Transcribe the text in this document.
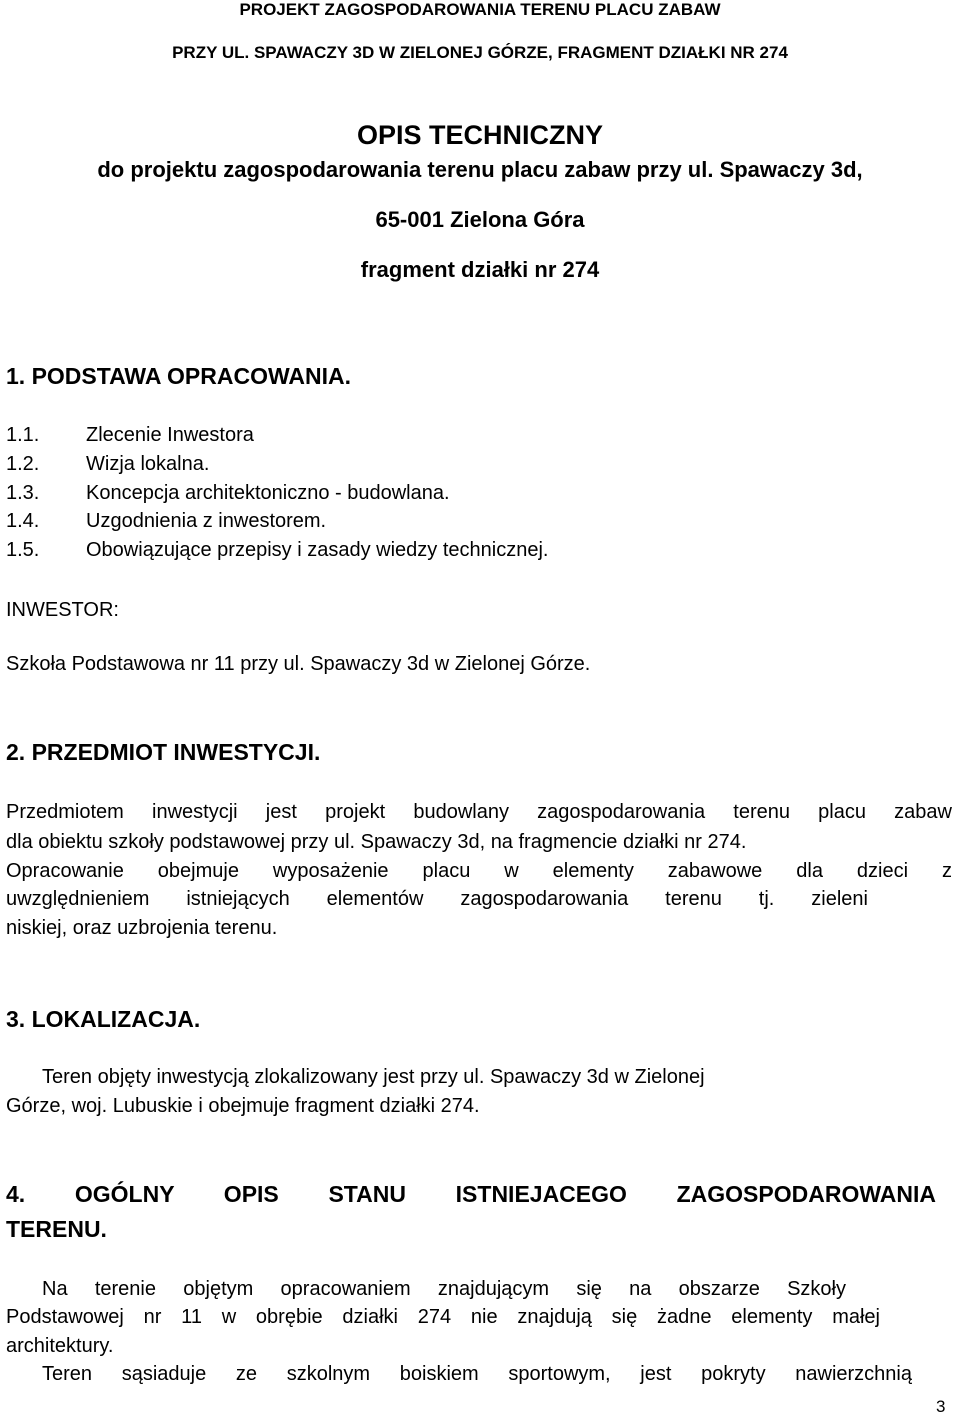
PROJEKT ZAGOSPODAROWANIA TERENU PLACU ZABAW

PRZY UL. SPAWACZY 3D W ZIELONEJ GÓRZE, FRAGMENT DZIAŁKI NR 274

OPIS TECHNICZNY

do projektu zagospodarowania terenu placu zabaw przy ul. Spawaczy 3d,

65-001 Zielona Góra

fragment działki nr 274

1. PODSTAWA OPRACOWANIA.

1.1. Zlecenie Inwestora

1.2. Wizja lokalna.

1.3. Koncepcja architektoniczno - budowlana.

1.4. Uzgodnienia z inwestorem.

1.5. Obowiązujące przepisy i zasady wiedzy technicznej.

INWESTOR:

Szkoła Podstawowa nr 11 przy ul. Spawaczy 3d w Zielonej Górze.

2. PRZEDMIOT INWESTYCJI.

Przedmiotem inwestycji jest projekt budowlany zagospodarowania terenu placu zabaw

dla obiektu szkoły podstawowej przy ul. Spawaczy 3d, na fragmencie działki nr 274.

Opracowanie obejmuje wyposażenie placu w elementy zabawowe dla dzieci z

uwzględnieniem istniejących elementów zagospodarowania terenu tj. zieleni

niskiej, oraz uzbrojenia terenu.

3. LOKALIZACJA.

Teren objęty inwestycją zlokalizowany jest przy ul. Spawaczy 3d w Zielonej

Górze, woj. Lubuskie i obejmuje fragment działki 274.

4. OGÓLNY OPIS STANU ISTNIEJACEGO ZAGOSPODAROWANIA

TERENU.

Na terenie objętym opracowaniem znajdującym się na obszarze Szkoły

Podstawowej nr 11 w obrębie działki 274 nie znajdują się żadne elementy małej

architektury.

Teren sąsiaduje ze szkolnym boiskiem sportowym, jest pokryty nawierzchnią

3
